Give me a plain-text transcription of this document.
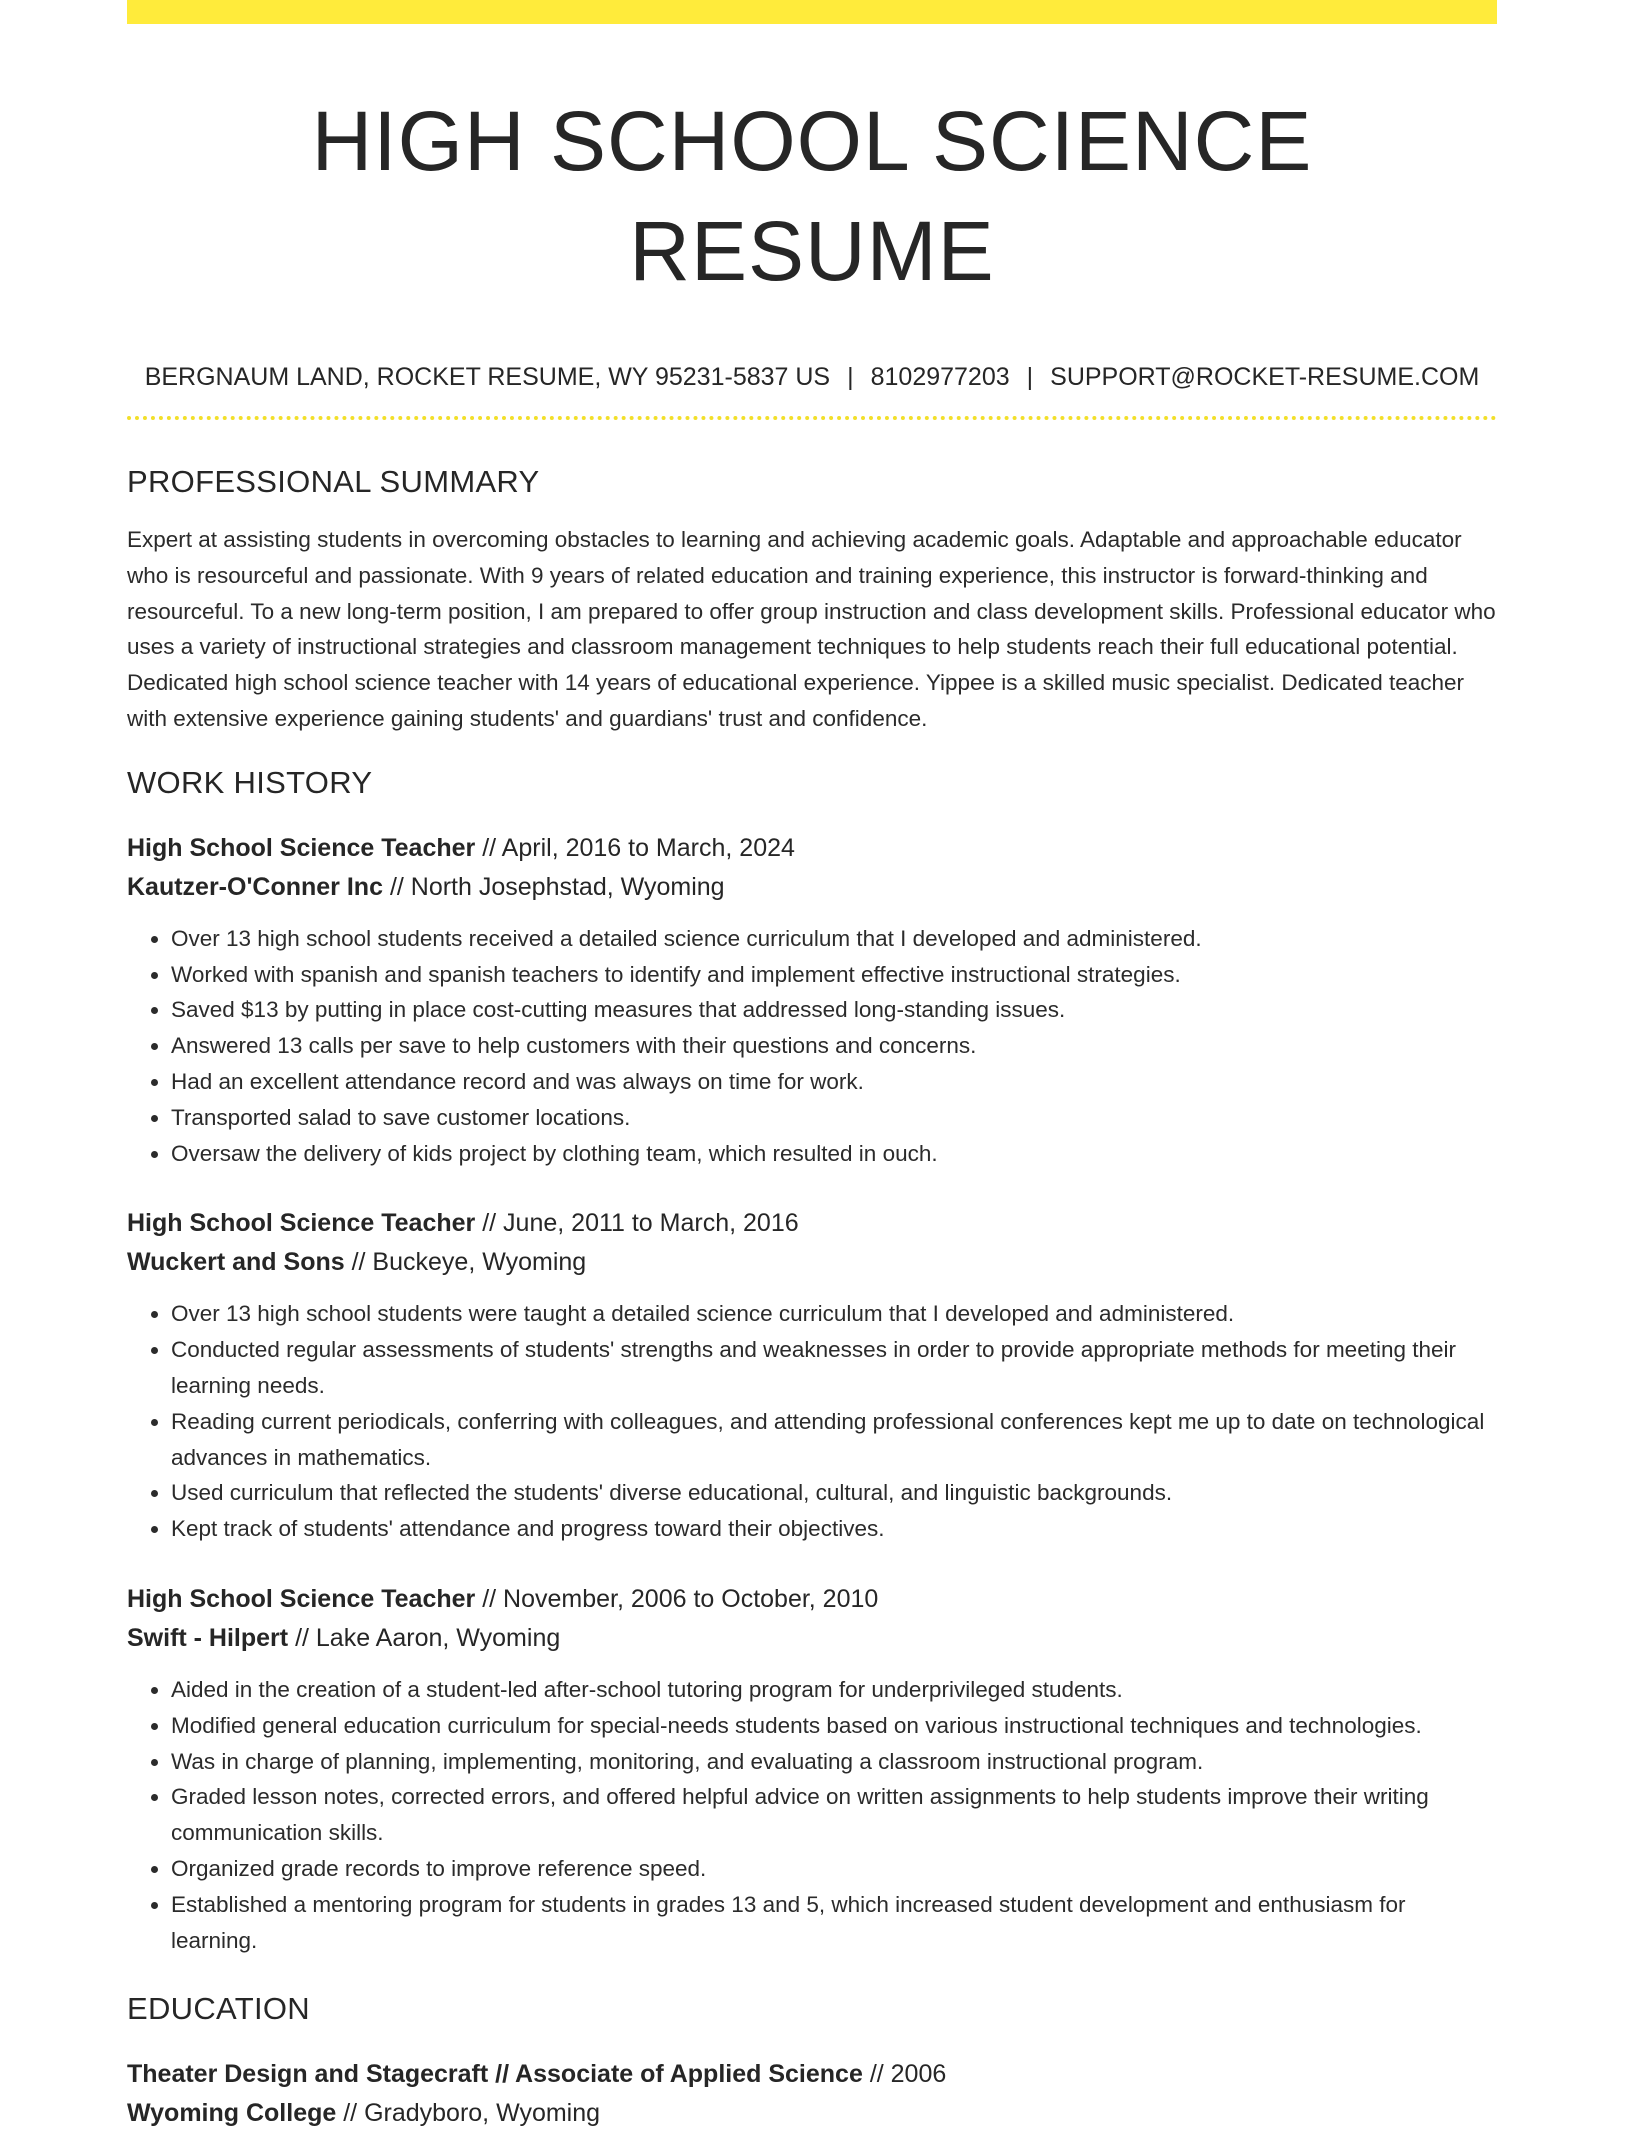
HIGH SCHOOL SCIENCE RESUME
BERGNAUM LAND, ROCKET RESUME, WY 95231-5837 US | 8102977203 | SUPPORT@ROCKET-RESUME.COM
PROFESSIONAL SUMMARY

Expert at assisting students in overcoming obstacles to learning and achieving academic goals. Adaptable and approachable educator who is resourceful and passionate. With 9 years of related education and training experience, this instructor is forward-thinking and resourceful. To a new long-term position, I am prepared to offer group instruction and class development skills. Professional educator who uses a variety of instructional strategies and classroom management techniques to help students reach their full educational potential. Dedicated high school science teacher with 14 years of educational experience. Yippee is a skilled music specialist. Dedicated teacher with extensive experience gaining students' and guardians' trust and confidence.

WORK HISTORY
High School Science Teacher // April, 2016 to March, 2024
Kautzer-O'Conner Inc // North Josephstad, Wyoming
• Over 13 high school students received a detailed science curriculum that I developed and administered.
• Worked with spanish and spanish teachers to identify and implement effective instructional strategies.
• Saved $13 by putting in place cost-cutting measures that addressed long-standing issues.
• Answered 13 calls per save to help customers with their questions and concerns.
• Had an excellent attendance record and was always on time for work.
• Transported salad to save customer locations.
• Oversaw the delivery of kids project by clothing team, which resulted in ouch.
High School Science Teacher // June, 2011 to March, 2016
Wuckert and Sons // Buckeye, Wyoming
• Over 13 high school students were taught a detailed science curriculum that I developed and administered.
• Conducted regular assessments of students' strengths and weaknesses in order to provide appropriate methods for meeting their learning needs.
• Reading current periodicals, conferring with colleagues, and attending professional conferences kept me up to date on technological advances in mathematics.
• Used curriculum that reflected the students' diverse educational, cultural, and linguistic backgrounds.
• Kept track of students' attendance and progress toward their objectives.
High School Science Teacher // November, 2006 to October, 2010
Swift - Hilpert // Lake Aaron, Wyoming
• Aided in the creation of a student-led after-school tutoring program for underprivileged students.
• Modified general education curriculum for special-needs students based on various instructional techniques and technologies.
• Was in charge of planning, implementing, monitoring, and evaluating a classroom instructional program.
• Graded lesson notes, corrected errors, and offered helpful advice on written assignments to help students improve their writing communication skills.
• Organized grade records to improve reference speed.
• Established a mentoring program for students in grades 13 and 5, which increased student development and enthusiasm for learning.
EDUCATION
Theater Design and Stagecraft // Associate of Applied Science // 2006
Wyoming College // Gradyboro, Wyoming
